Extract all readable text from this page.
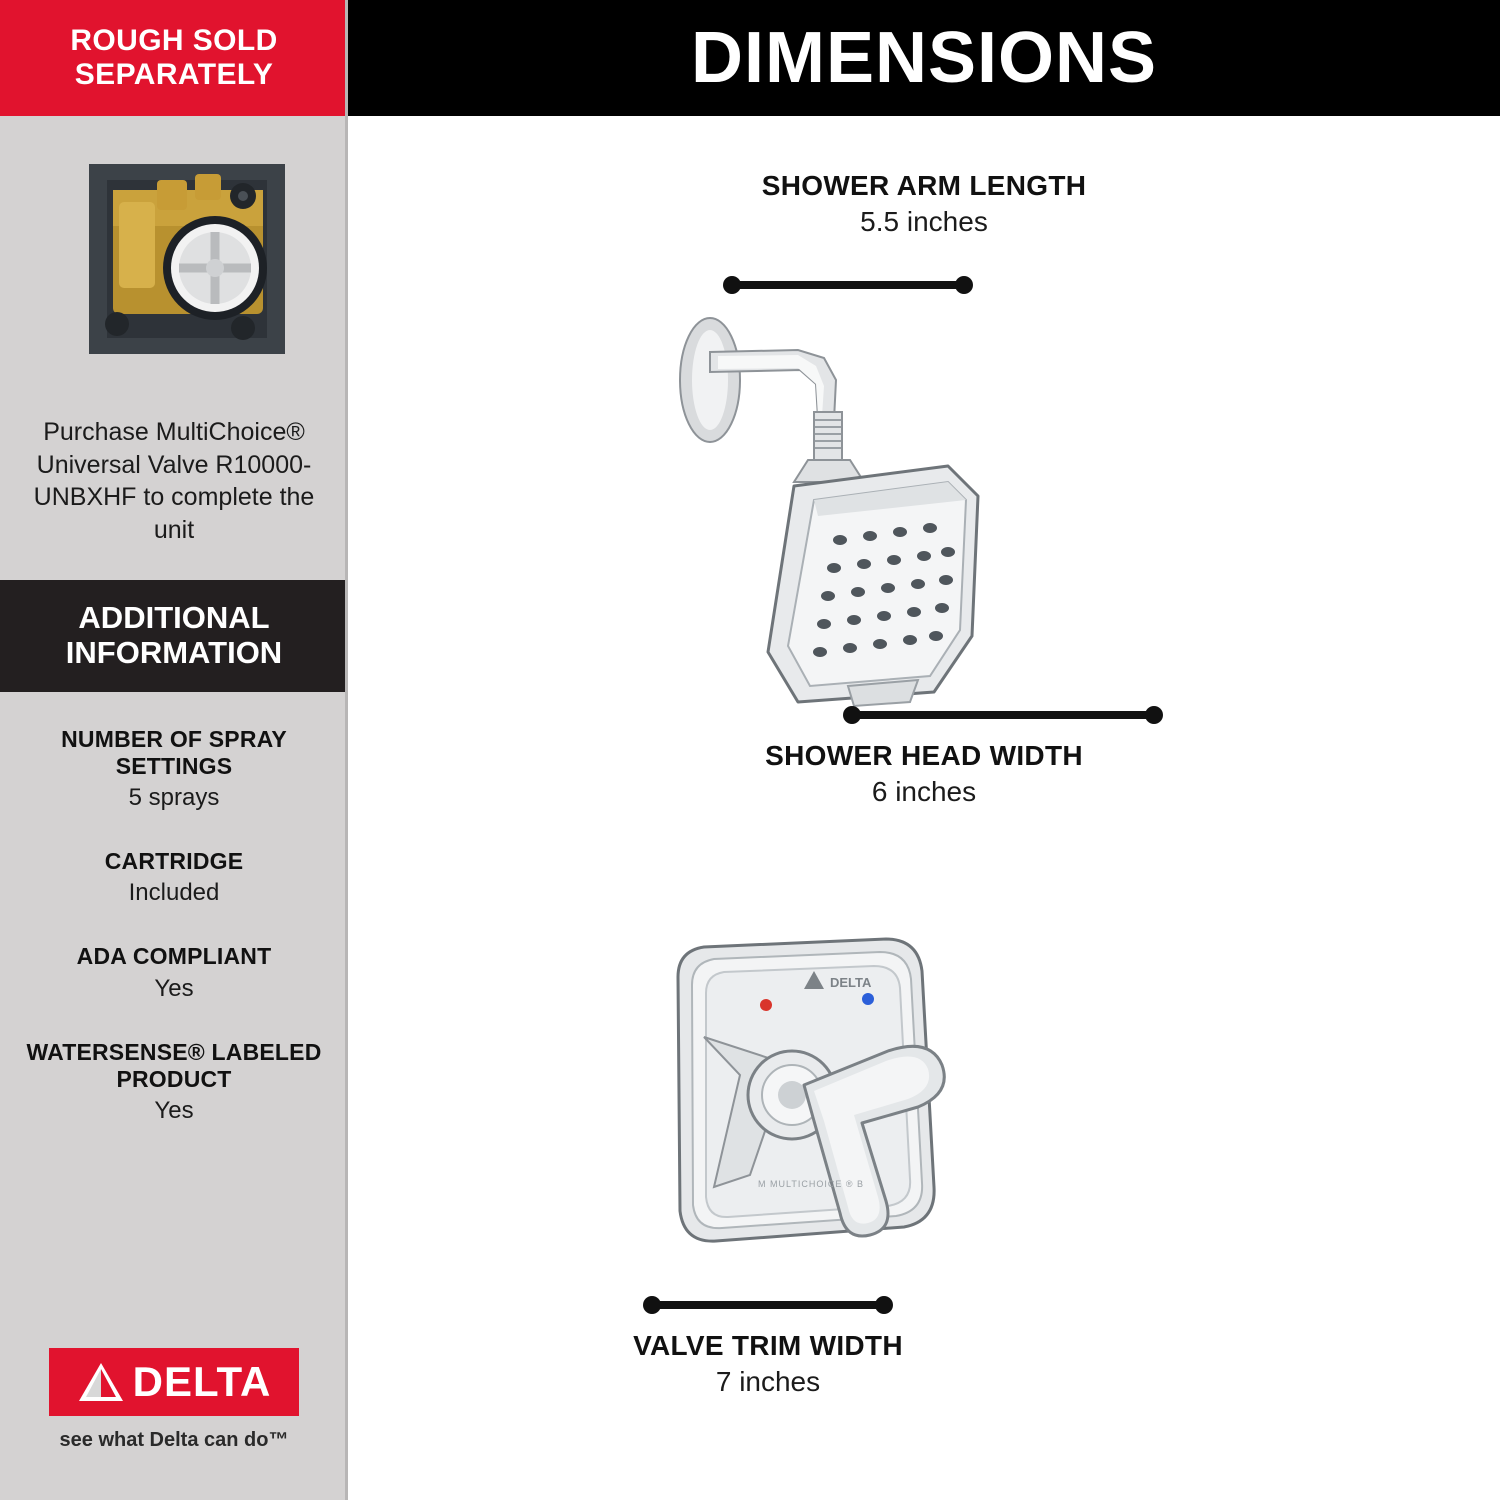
ROUGH SOLD
SEPARATELY

Purchase MultiChoice® Universal Valve R10000-UNBXHF to complete the unit

ADDITIONAL
INFORMATION
NUMBER OF SPRAY SETTINGS
5 sprays
CARTRIDGE
Included
ADA COMPLIANT
Yes
WATERSENSE® LABELED PRODUCT
Yes
DELTA
see what Delta can do™
DIMENSIONS
SHOWER ARM LENGTH
5.5 inches
SHOWER HEAD WIDTH
6 inches
DELTA
M MULTICHOICE ® B
VALVE TRIM WIDTH
7 inches
